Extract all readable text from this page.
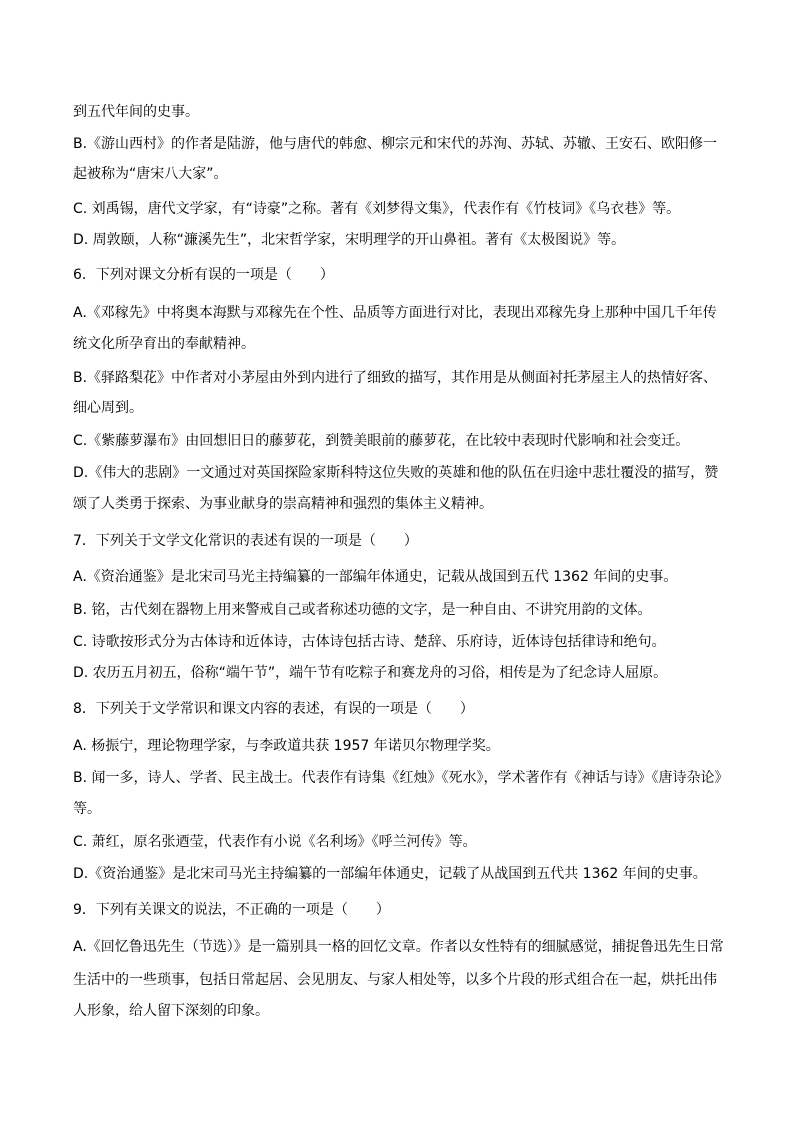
到五代年间的史事。

B.《游山西村》的作者是陆游，他与唐代的韩愈、柳宗元和宋代的苏洵、苏轼、苏辙、王安石、欧阳修一

起被称为“唐宋八大家”。

C. 刘禹锡，唐代文学家，有“诗豪”之称。著有《刘梦得文集》，代表作有《竹枝词》《乌衣巷》等。

D. 周敦颐，人称“濂溪先生”，北宋哲学家，宋明理学的开山鼻祖。著有《太极图说》等。

6．下列对课文分析有误的一项是（　　）

A.《邓稼先》中将奥本海默与邓稼先在个性、品质等方面进行对比，表现出邓稼先身上那种中国几千年传

统文化所孕育出的奉献精神。

B.《驿路梨花》中作者对小茅屋由外到内进行了细致的描写，其作用是从侧面衬托茅屋主人的热情好客、

细心周到。

C.《紫藤萝瀑布》由回想旧日的藤萝花，到赞美眼前的藤萝花，在比较中表现时代影响和社会变迁。

D.《伟大的悲剧》一文通过对英国探险家斯科特这位失败的英雄和他的队伍在归途中悲壮覆没的描写，赞

颂了人类勇于探索、为事业献身的崇高精神和强烈的集体主义精神。

7．下列关于文学文化常识的表述有误的一项是（　　）

A.《资治通鉴》是北宋司马光主持编纂的一部编年体通史，记载从战国到五代 1362 年间的史事。

B. 铭，古代刻在器物上用来警戒自己或者称述功德的文字，是一种自由、不讲究用韵的文体。

C. 诗歌按形式分为古体诗和近体诗，古体诗包括古诗、楚辞、乐府诗，近体诗包括律诗和绝句。

D. 农历五月初五，俗称“端午节”，端午节有吃粽子和赛龙舟的习俗，相传是为了纪念诗人屈原。

8．下列关于文学常识和课文内容的表述，有误的一项是（　　）

A. 杨振宁，理论物理学家，与李政道共获 1957 年诺贝尔物理学奖。

B. 闻一多，诗人、学者、民主战士。代表作有诗集《红烛》《死水》，学术著作有《神话与诗》《唐诗杂论》

等。

C. 萧红，原名张迺莹，代表作有小说《名利场》《呼兰河传》等。

D.《资治通鉴》是北宋司马光主持编纂的一部编年体通史，记载了从战国到五代共 1362 年间的史事。

9．下列有关课文的说法，不正确的一项是（　　）

A.《回忆鲁迅先生（节选）》是一篇别具一格的回忆文章。作者以女性特有的细腻感觉，捕捉鲁迅先生日常

生活中的一些琐事，包括日常起居、会见朋友、与家人相处等，以多个片段的形式组合在一起，烘托出伟

人形象，给人留下深刻的印象。
